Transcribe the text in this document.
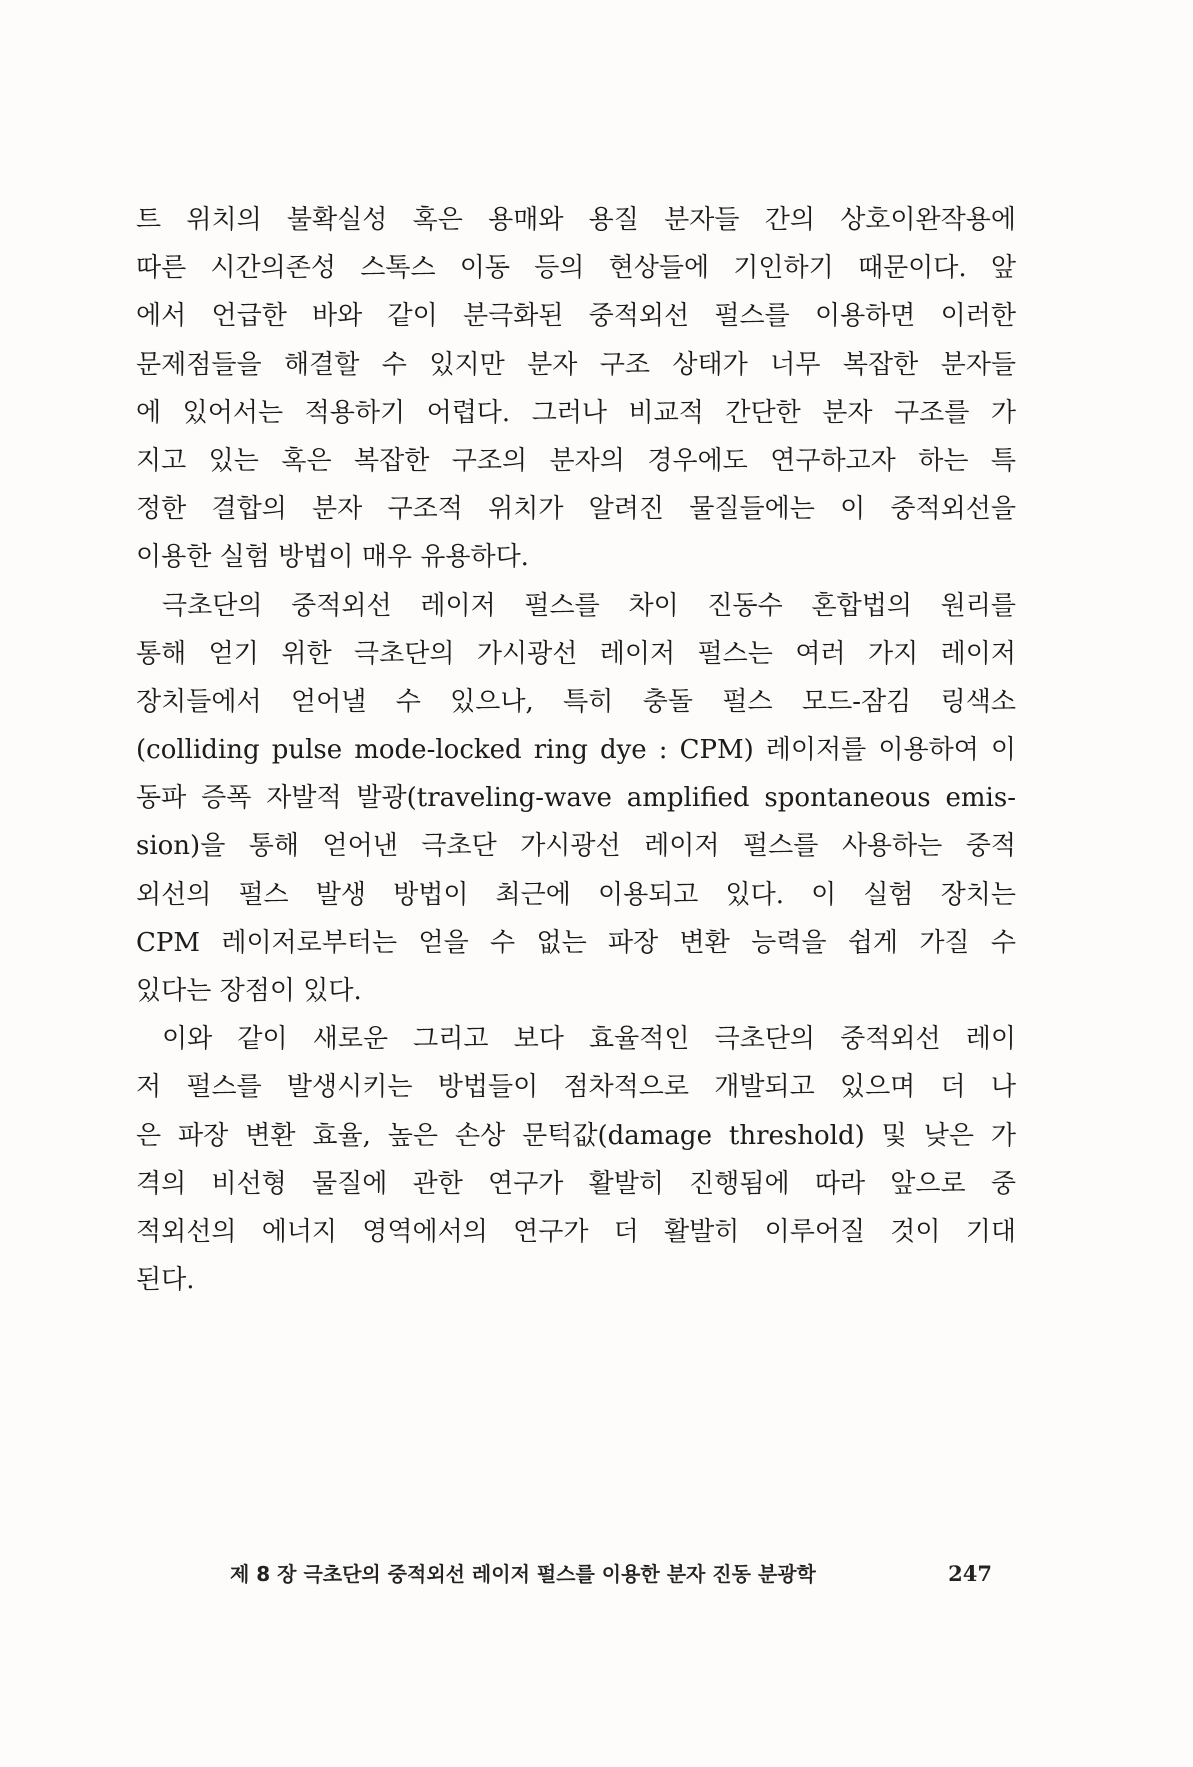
트 위치의 불확실성 혹은 용매와 용질 분자들 간의 상호이완작용에
따른 시간의존성 스톡스 이동 등의 현상들에 기인하기 때문이다. 앞
에서 언급한 바와 같이 분극화된 중적외선 펄스를 이용하면 이러한
문제점들을 해결할 수 있지만 분자 구조 상태가 너무 복잡한 분자들
에 있어서는 적용하기 어렵다. 그러나 비교적 간단한 분자 구조를 가
지고 있는 혹은 복잡한 구조의 분자의 경우에도 연구하고자 하는 특
정한 결합의 분자 구조적 위치가 알려진 물질들에는 이 중적외선을
이용한 실험 방법이 매우 유용하다.
극초단의 중적외선 레이저 펄스를 차이 진동수 혼합법의 원리를
통해 얻기 위한 극초단의 가시광선 레이저 펄스는 여러 가지 레이저
장치들에서 얻어낼 수 있으나, 특히 충돌 펄스 모드-잠김 링색소
(colliding pulse mode-locked ring dye : CPM) 레이저를 이용하여 이
동파 증폭 자발적 발광(traveling-wave amplified spontaneous emis-
sion)을 통해 얻어낸 극초단 가시광선 레이저 펄스를 사용하는 중적
외선의 펄스 발생 방법이 최근에 이용되고 있다. 이 실험 장치는
CPM 레이저로부터는 얻을 수 없는 파장 변환 능력을 쉽게 가질 수
있다는 장점이 있다.
이와 같이 새로운 그리고 보다 효율적인 극초단의 중적외선 레이
저 펄스를 발생시키는 방법들이 점차적으로 개발되고 있으며 더 나
은 파장 변환 효율, 높은 손상 문턱값(damage threshold) 및 낮은 가
격의 비선형 물질에 관한 연구가 활발히 진행됨에 따라 앞으로 중
적외선의 에너지 영역에서의 연구가 더 활발히 이루어질 것이 기대
된다.
제 8 장 극초단의 중적외선 레이저 펄스를 이용한 분자 진동 분광학	247
